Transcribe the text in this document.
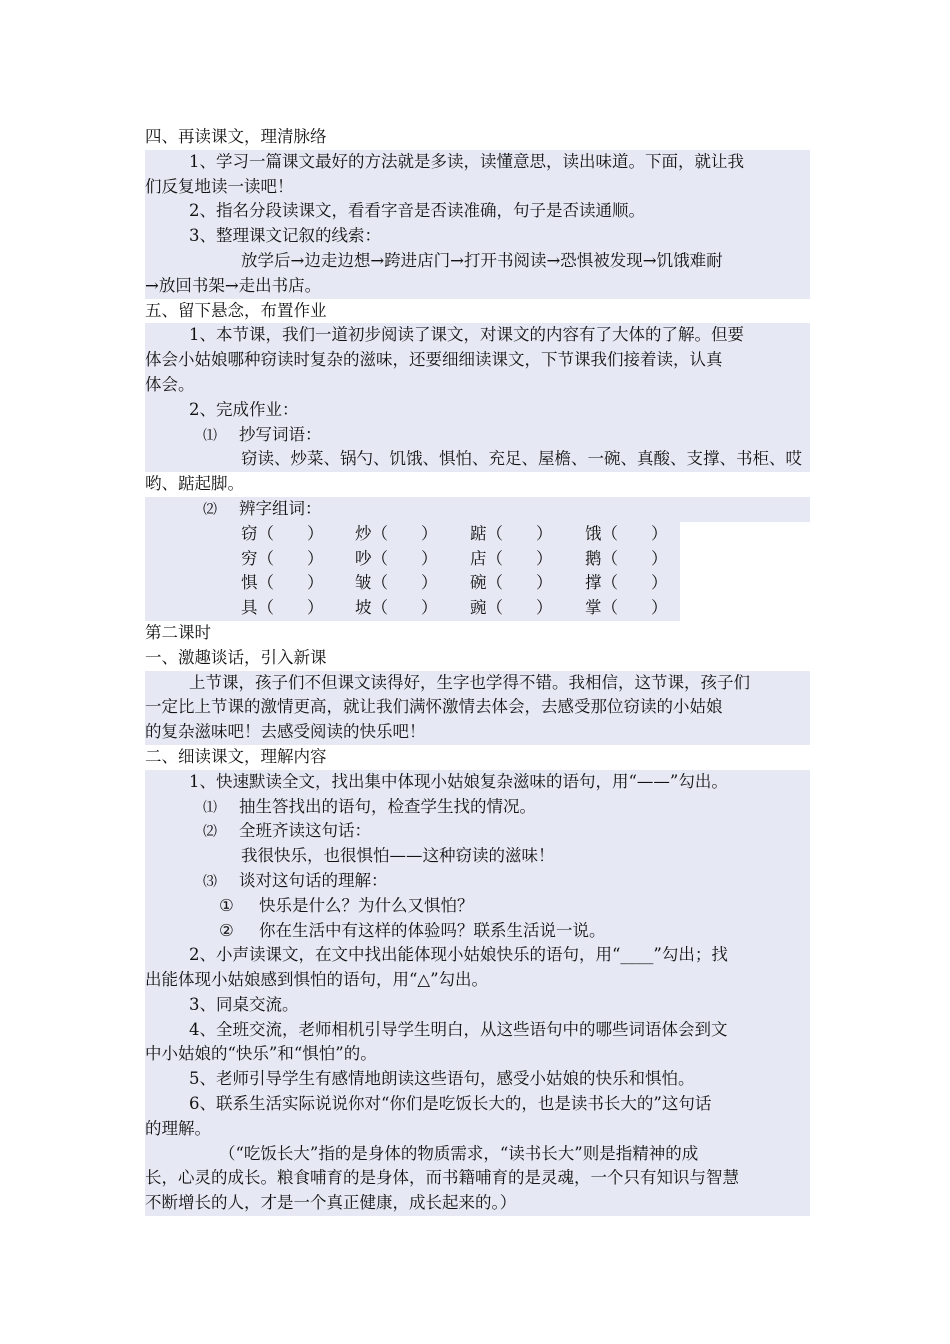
四、再读课文，理清脉络
1、学习一篇课文最好的方法就是多读，读懂意思，读出味道。下面，就让我
们反复地读一读吧！
2、指名分段读课文，看看字音是否读准确，句子是否读通顺。
3、整理课文记叙的线索：
放学后→边走边想→跨进店门→打开书阅读→恐惧被发现→饥饿难耐
→放回书架→走出书店。
五、留下悬念，布置作业
1、本节课，我们一道初步阅读了课文，对课文的内容有了大体的了解。但要
体会小姑娘哪种窃读时复杂的滋味，还要细细读课文，下节课我们接着读，认真
体会。
2、完成作业：
⑴ 抄写词语：
窃读、炒菜、锅勺、饥饿、惧怕、充足、屋檐、一碗、真酸、支撑、书柜、哎
哟、踮起脚。
⑵ 辨字组词：
窃（　　） 炒（　　） 踮（　　） 饿（　　）
穷（　　） 吵（　　） 店（　　） 鹅（　　）
惧（　　） 皱（　　） 碗（　　） 撑（　　）
具（　　） 坡（　　） 豌（　　） 掌（　　）
第二课时
一、激趣谈话，引入新课
上节课，孩子们不但课文读得好，生字也学得不错。我相信，这节课，孩子们
一定比上节课的激情更高，就让我们满怀激情去体会，去感受那位窃读的小姑娘
的复杂滋味吧！去感受阅读的快乐吧！
二、细读课文，理解内容
1、快速默读全文，找出集中体现小姑娘复杂滋味的语句，用“——”勾出。
⑴ 抽生答找出的语句，检查学生找的情况。
⑵ 全班齐读这句话：
我很快乐，也很惧怕——这种窃读的滋味！
⑶ 谈对这句话的理解：
① 快乐是什么？为什么又惧怕？
② 你在生活中有这样的体验吗？联系生活说一说。
2、小声读课文，在文中找出能体现小姑娘快乐的语句，用“____”勾出；找
出能体现小姑娘感到惧怕的语句，用“△”勾出。
3、同桌交流。
4、全班交流，老师相机引导学生明白，从这些语句中的哪些词语体会到文
中小姑娘的“快乐”和“惧怕”的。
5、老师引导学生有感情地朗读这些语句，感受小姑娘的快乐和惧怕。
6、联系生活实际说说你对“你们是吃饭长大的，也是读书长大的”这句话
的理解。
（“吃饭长大”指的是身体的物质需求，“读书长大”则是指精神的成
长，心灵的成长。粮食哺育的是身体，而书籍哺育的是灵魂，一个只有知识与智慧
不断增长的人，才是一个真正健康，成长起来的。）
